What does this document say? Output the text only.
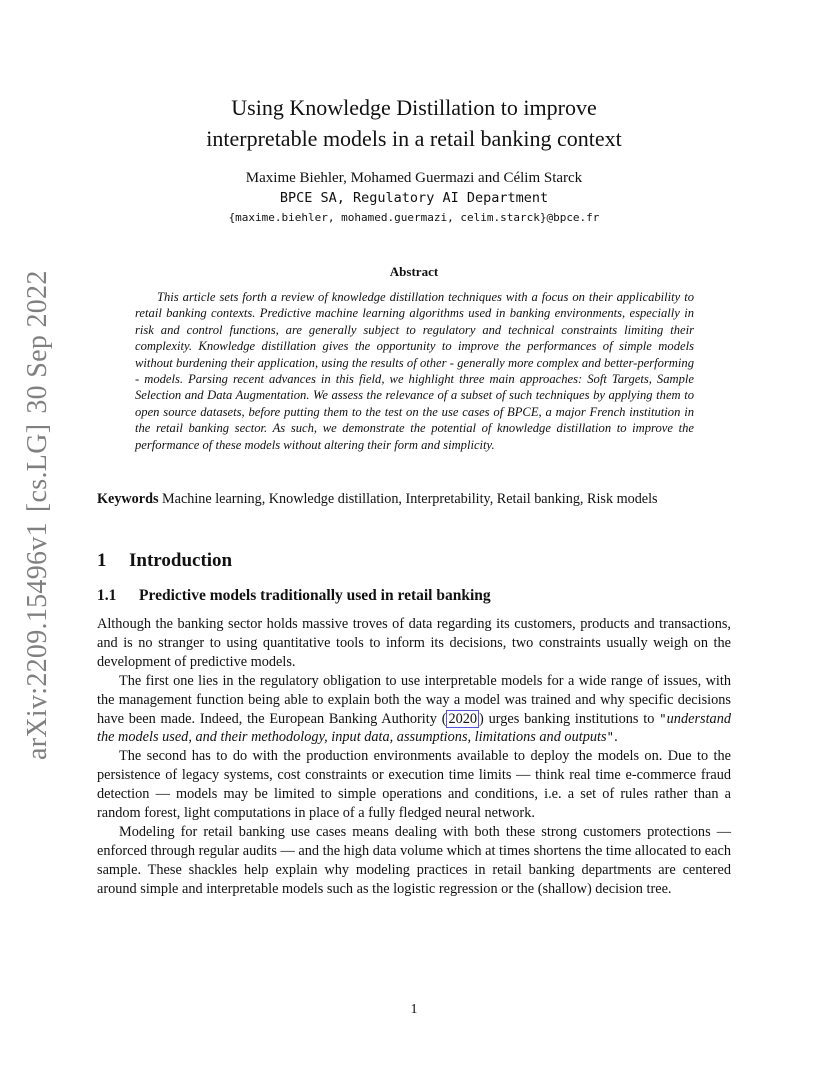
arXiv:2209.15496v1[cs.LG]30 Sep 2022
Using Knowledge Distillation to improve
interpretable models in a retail banking context
Maxime Biehler, Mohamed Guermazi and Célim Starck
BPCE SA, Regulatory AI Department
{maxime.biehler, mohamed.guermazi, celim.starck}@bpce.fr
Abstract

This article sets forth a review of knowledge distillation techniques with a focus on their applicability to retail banking contexts. Predictive machine learning algorithms used in banking environments, especially in risk and control functions, are generally subject to regulatory and technical constraints limiting their complexity. Knowledge distillation gives the opportunity to improve the performances of simple models without burdening their application, using the results of other - generally more complex and better-performing - models. Parsing recent advances in this field, we highlight three main approaches: Soft Targets, Sample Selection and Data Augmentation. We assess the relevance of a subset of such techniques by applying them to open source datasets, before putting them to the test on the use cases of BPCE, a major French institution in the retail banking sector. As such, we demonstrate the potential of knowledge distillation to improve the performance of these models without altering their form and simplicity.

Keywords Machine learning, Knowledge distillation, Interpretability, Retail banking, Risk models

1 Introduction
1.1 Predictive models traditionally used in retail banking

Although the banking sector holds massive troves of data regarding its customers, products and transactions, and is no stranger to using quantitative tools to inform its decisions, two constraints usually weigh on the development of predictive models.

The first one lies in the regulatory obligation to use interpretable models for a wide range of issues, with the management function being able to explain both the way a model was trained and why specific decisions have been made. Indeed, the European Banking Authority ( 2020 ) urges banking institutions to "understand the models used, and their methodology, input data, assumptions, limitations and outputs".

The second has to do with the production environments available to deploy the models on. Due to the persistence of legacy systems, cost constraints or execution time limits — think real time e-commerce fraud detection — models may be limited to simple operations and conditions, i.e. a set of rules rather than a random forest, light computations in place of a fully fledged neural network.

Modeling for retail banking use cases means dealing with both these strong customers protections — enforced through regular audits — and the high data volume which at times shortens the time allocated to each sample. These shackles help explain why modeling practices in retail banking departments are centered around simple and interpretable models such as the logistic regression or the (shallow) decision tree.

1
